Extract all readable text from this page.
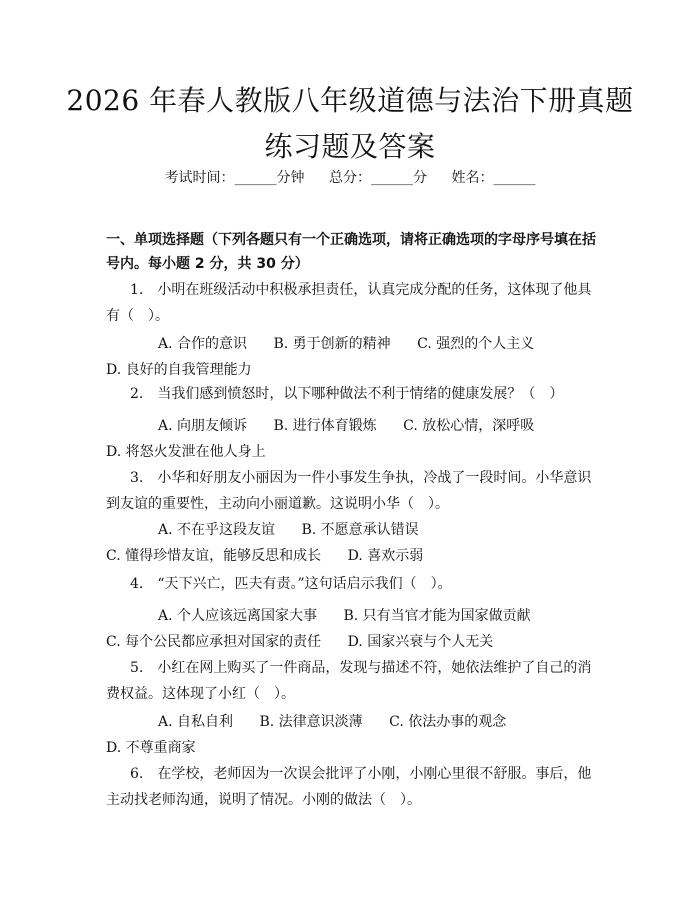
2026 年春人教版八年级道德与法治下册真题
练习题及答案
考试时间：______分钟 总分：______分 姓名：______
一、单项选择题（下列各题只有一个正确选项，请将正确选项的字母序号填在括号内。每小题 2 分，共 30 分）
1.　小明在班级活动中积极承担责任，认真完成分配的任务，这体现了他具有（　）。
A. 合作的意识 B. 勇于创新的精神 C. 强烈的个人主义 D. 良好的自我管理能力
2.　当我们感到愤怒时，以下哪种做法不利于情绪的健康发展？（　）
A. 向朋友倾诉 B. 进行体育锻炼 C. 放松心情，深呼吸 D. 将怒火发泄在他人身上
3.　小华和好朋友小丽因为一件小事发生争执，冷战了一段时间。小华意识到友谊的重要性，主动向小丽道歉。这说明小华（　）。
A. 不在乎这段友谊 B. 不愿意承认错误 C. 懂得珍惜友谊，能够反思和成长 D. 喜欢示弱
4.　“天下兴亡，匹夫有责。”这句话启示我们（　）。
A. 个人应该远离国家大事 B. 只有当官才能为国家做贡献 C. 每个公民都应承担对国家的责任 D. 国家兴衰与个人无关
5.　小红在网上购买了一件商品，发现与描述不符，她依法维护了自己的消费权益。这体现了小红（　）。
A. 自私自利 B. 法律意识淡薄 C. 依法办事的观念 D. 不尊重商家
6.　在学校，老师因为一次误会批评了小刚，小刚心里很不舒服。事后，他主动找老师沟通，说明了情况。小刚的做法（　）。
